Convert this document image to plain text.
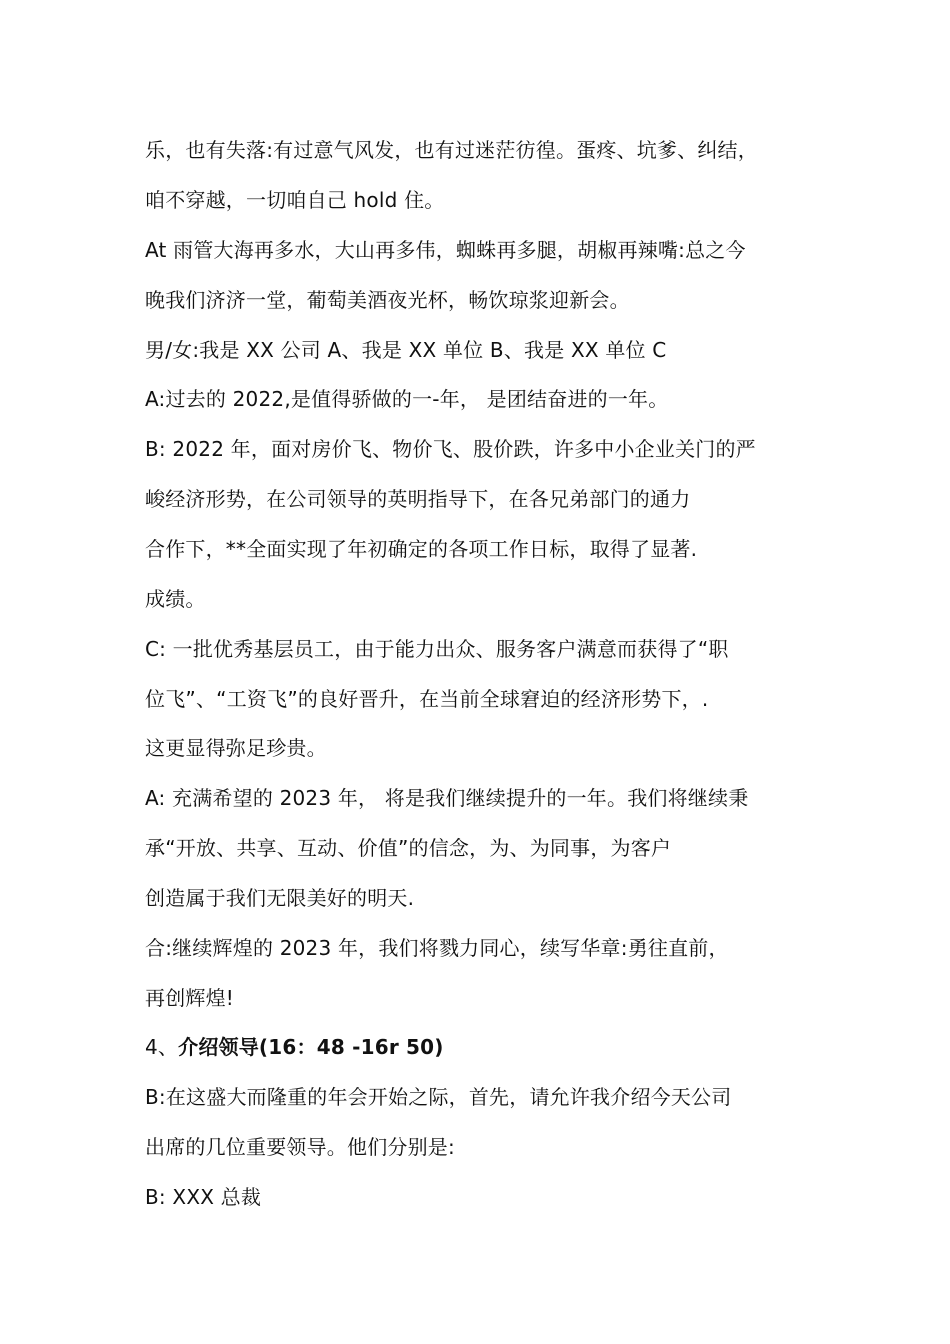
乐，也有失落:有过意气风发，也有过迷茫彷徨。蛋疼、坑爹、纠结，
咱不穿越，一切咱自己 hold 住。
At 雨管大海再多水，大山再多伟，蜘蛛再多腿，胡椒再辣嘴:总之今
晚我们济济一堂，葡萄美酒夜光杯，畅饮琼浆迎新会。
男/女:我是 XX 公司 A、我是 XX 单位 B、我是 XX 单位 C
A:过去的 2022,是值得骄做的一-年， 是团结奋进的一年。
B: 2022 年，面对房价飞、物价飞、股价跌，许多中小企业关门的严
峻经济形势，在公司领导的英明指导下，在各兄弟部门的通力
合作下，**全面实现了年初确定的各项工作日标，取得了显著.
成绩。
C: 一批优秀基层员工，由于能力出众、服务客户满意而获得了“职
位飞”、“工资飞”的良好晋升，在当前全球窘迫的经济形势下，.
这更显得弥足珍贵。
A: 充满希望的 2023 年， 将是我们继续提升的一年。我们将继续秉
承“开放、共享、互动、价值”的信念，为、为同事，为客户
创造属于我们无限美好的明天.
合:继续辉煌的 2023 年，我们将戮力同心，续写华章:勇往直前，
再创辉煌!
4、介绍领导(16：48 -16r 50)
B:在这盛大而隆重的年会开始之际，首先，请允许我介绍今天公司
出席的几位重要领导。他们分别是:
B: XXX 总裁
